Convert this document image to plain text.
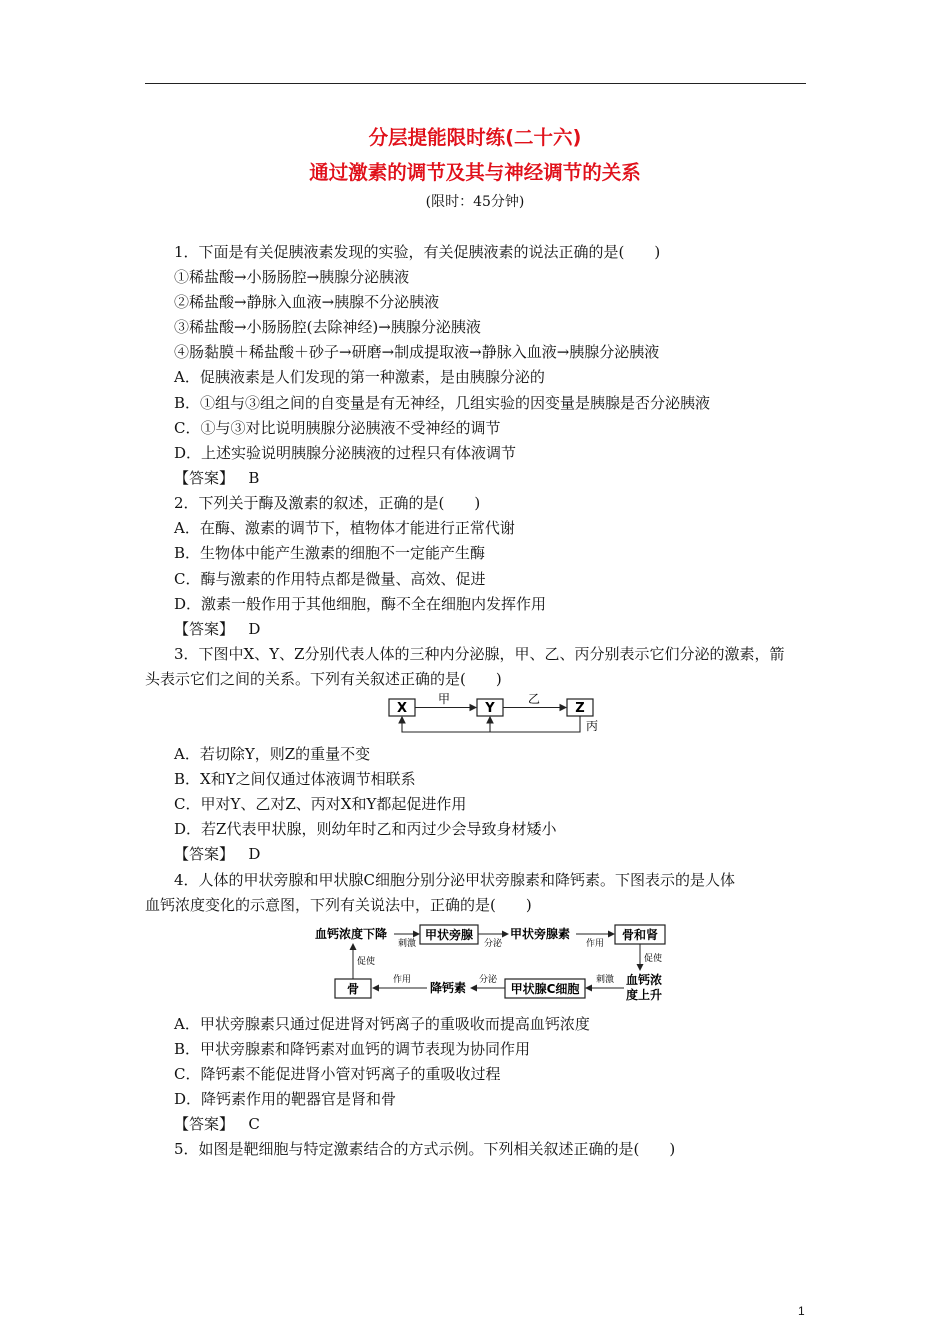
分层提能限时练(二十六)
通过激素的调节及其与神经调节的关系
(限时：45分钟)
1．下面是有关促胰液素发现的实验，有关促胰液素的说法正确的是(　　)
①稀盐酸→小肠肠腔→胰腺分泌胰液
②稀盐酸→静脉入血液→胰腺不分泌胰液
③稀盐酸→小肠肠腔(去除神经)→胰腺分泌胰液
④肠黏膜＋稀盐酸＋砂子→研磨→制成提取液→静脉入血液→胰腺分泌胰液
A．促胰液素是人们发现的第一种激素，是由胰腺分泌的
B．①组与③组之间的自变量是有无神经，几组实验的因变量是胰腺是否分泌胰液
C．①与③对比说明胰腺分泌胰液不受神经的调节
D．上述实验说明胰腺分泌胰液的过程只有体液调节
【答案】 B
2．下列关于酶及激素的叙述，正确的是(　　)
A．在酶、激素的调节下，植物体才能进行正常代谢
B．生物体中能产生激素的细胞不一定能产生酶
C．酶与激素的作用特点都是微量、高效、促进
D．激素一般作用于其他细胞，酶不全在细胞内发挥作用
【答案】 D
3．下图中X、Y、Z分别代表人体的三种内分泌腺，甲、乙、丙分别表示它们分泌的激素，箭
头表示它们之间的关系。下列有关叙述正确的是(　　)
X	Y	Z
甲	乙
丙
A．若切除Y，则Z的重量不变
B．X和Y之间仅通过体液调节相联系
C．甲对Y、乙对Z、丙对X和Y都起促进作用
D．若Z代表甲状腺，则幼年时乙和丙过少会导致身材矮小
【答案】 D
4．人体的甲状旁腺和甲状腺C细胞分别分泌甲状旁腺素和降钙素。下图表示的是人体
血钙浓度变化的示意图，下列有关说法中，正确的是(　　)
血钙浓度下降
刺激
甲状旁腺
分泌
甲状旁腺素
作用
骨和肾
促使
血钙浓
度上升
刺激
甲状腺C细胞
分泌
降钙素
作用
骨
促使
A．甲状旁腺素只通过促进肾对钙离子的重吸收而提高血钙浓度
B．甲状旁腺素和降钙素对血钙的调节表现为协同作用
C．降钙素不能促进肾小管对钙离子的重吸收过程
D．降钙素作用的靶器官是肾和骨
【答案】 C
5．如图是靶细胞与特定激素结合的方式示例。下列相关叙述正确的是(　　)
1
